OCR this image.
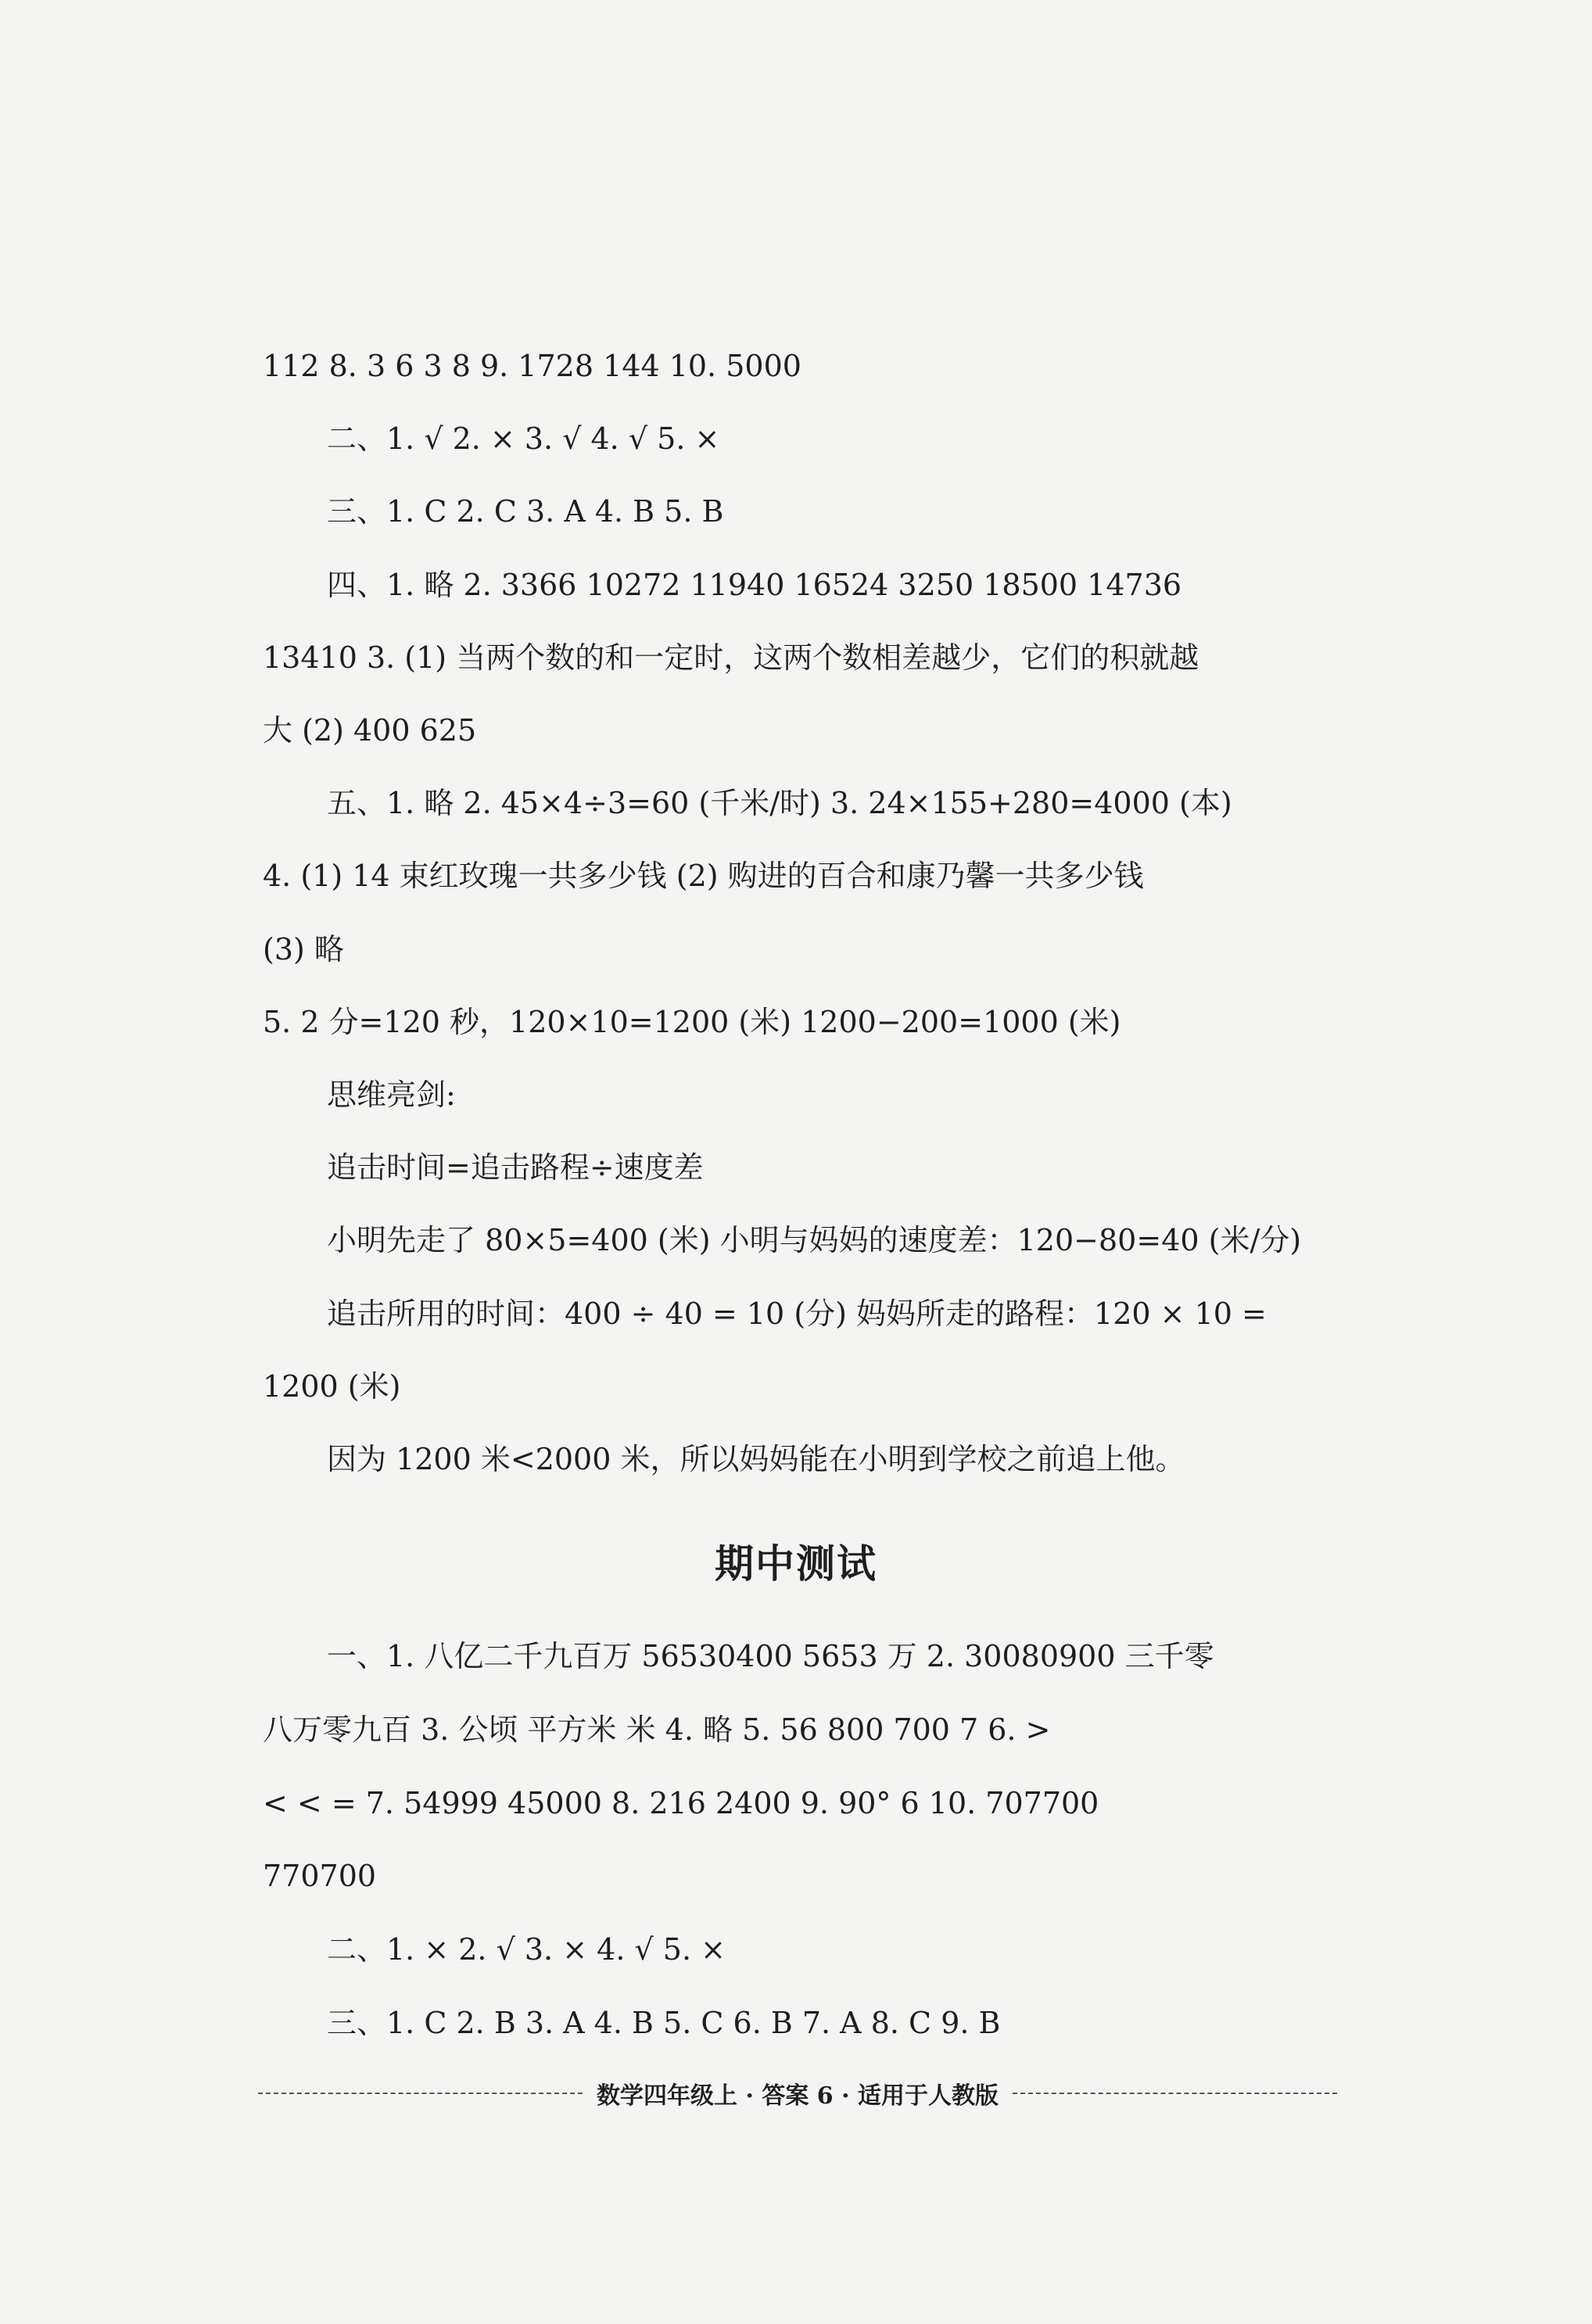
112 8. 3 6 3 8 9. 1728 144 10. 5000
二、1. √ 2. × 3. √ 4. √ 5. ×
三、1. C 2. C 3. A 4. B 5. B
四、1. 略 2. 3366 10272 11940 16524 3250 18500 14736
13410 3. (1) 当两个数的和一定时，这两个数相差越少，它们的积就越
大 (2) 400 625
五、1. 略 2. 45×4÷3=60 (千米/时) 3. 24×155+280=4000 (本)
4. (1) 14 束红玫瑰一共多少钱 (2) 购进的百合和康乃馨一共多少钱
(3) 略
5. 2 分=120 秒，120×10=1200 (米) 1200−200=1000 (米)
思维亮剑:
追击时间=追击路程÷速度差
小明先走了 80×5=400 (米) 小明与妈妈的速度差：120−80=40 (米/分)
追击所用的时间：400 ÷ 40 = 10 (分) 妈妈所走的路程：120 × 10 =
1200 (米)
因为 1200 米<2000 米，所以妈妈能在小明到学校之前追上他。
期中测试
一、1. 八亿二千九百万 56530400 5653 万 2. 30080900 三千零
八万零九百 3. 公顷 平方米 米 4. 略 5. 56 800 700 7 6. >
< < = 7. 54999 45000 8. 216 2400 9. 90° 6 10. 707700
770700
二、1. × 2. √ 3. × 4. √ 5. ×
三、1. C 2. B 3. A 4. B 5. C 6. B 7. A 8. C 9. B
数学四年级上 · 答案 6 · 适用于人教版
